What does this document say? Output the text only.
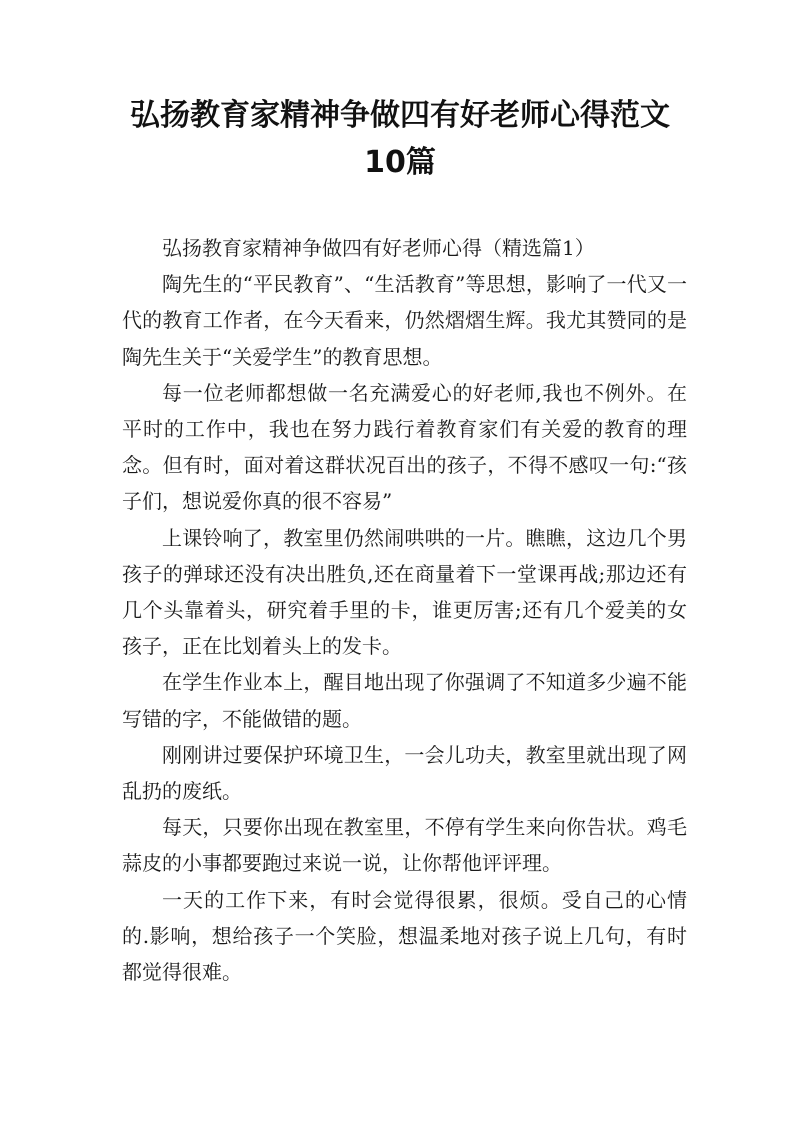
弘扬教育家精神争做四有好老师心得范文
10篇

弘扬教育家精神争做四有好老师心得（精选篇1）

陶先生的“平民教育”、“生活教育”等思想，影响了一代又一代的教育工作者，在今天看来，仍然熠熠生辉。我尤其赞同的是陶先生关于“关爱学生”的教育思想。

每一位老师都想做一名充满爱心的好老师,我也不例外。在平时的工作中，我也在努力践行着教育家们有关爱的教育的理念。但有时，面对着这群状况百出的孩子，不得不感叹一句:“孩子们，想说爱你真的很不容易”

上课铃响了，教室里仍然闹哄哄的一片。瞧瞧，这边几个男孩子的弹球还没有决出胜负,还在商量着下一堂课再战;那边还有几个头靠着头，研究着手里的卡，谁更厉害;还有几个爱美的女孩子，正在比划着头上的发卡。

在学生作业本上，醒目地出现了你强调了不知道多少遍不能写错的字，不能做错的题。

刚刚讲过要保护环境卫生，一会儿功夫，教室里就出现了网乱扔的废纸。

每天，只要你出现在教室里，不停有学生来向你告状。鸡毛蒜皮的小事都要跑过来说一说，让你帮他评评理。

一天的工作下来，有时会觉得很累，很烦。受自己的心情的.影响，想给孩子一个笑脸，想温柔地对孩子说上几句，有时都觉得很难。
